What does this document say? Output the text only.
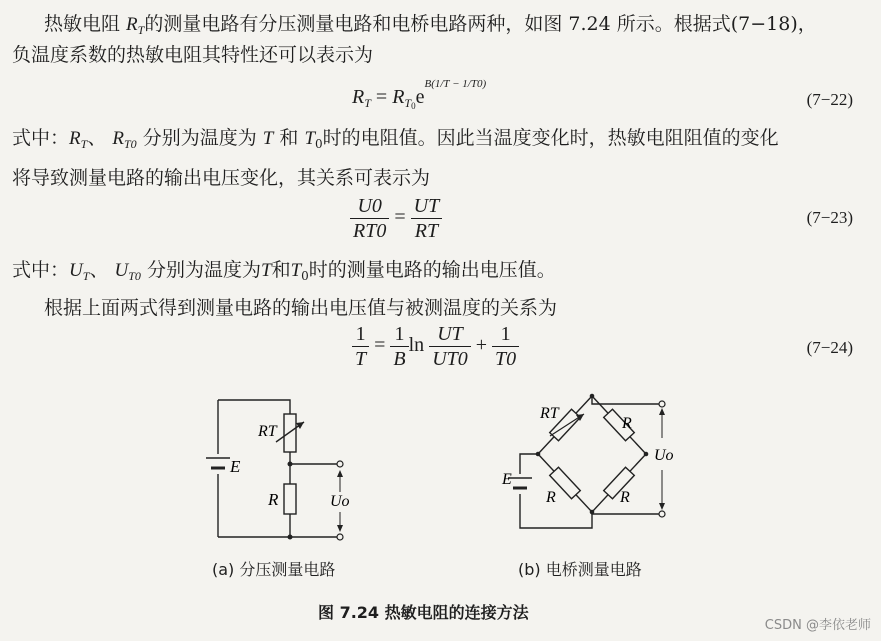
热敏电阻 $R_T$的测量电路有分压测量电路和电桥电路两种，如图 7.24 所示。根据式(7−18)，
负温度系数的热敏电阻其特性还可以表示为
$R_T = R_{T0}e^{B(1/T - 1/T0)}$
(7−22)
式中：$R_T$、 $R_{T0}$ 分别为温度为 T 和 $T_0$时的电阻值。因此当温度变化时，热敏电阻阻值的变化
将导致测量电路的输出电压变化，其关系可表示为
$\frac{U0}{RT0} = \frac{UT}{RT}$	(7−23)
式中：$U_T$、 $U_{T0}$ 分别为温度为T和$T_0$时的测量电路的输出电压值。
根据上面两式得到测量电路的输出电压值与被测温度的关系为
$\frac{1}{T} = \frac{1}{B}$ $\ln \frac{UT}{UT0} + \frac{1}{T0}$	(7−24)
RT
E
R	Uo
RT
R
R	R
E
Uo
(a) 分压测量电路	(b) 电桥测量电路
图 7.24 热敏电阻的连接方法
CSDN @李依老师
